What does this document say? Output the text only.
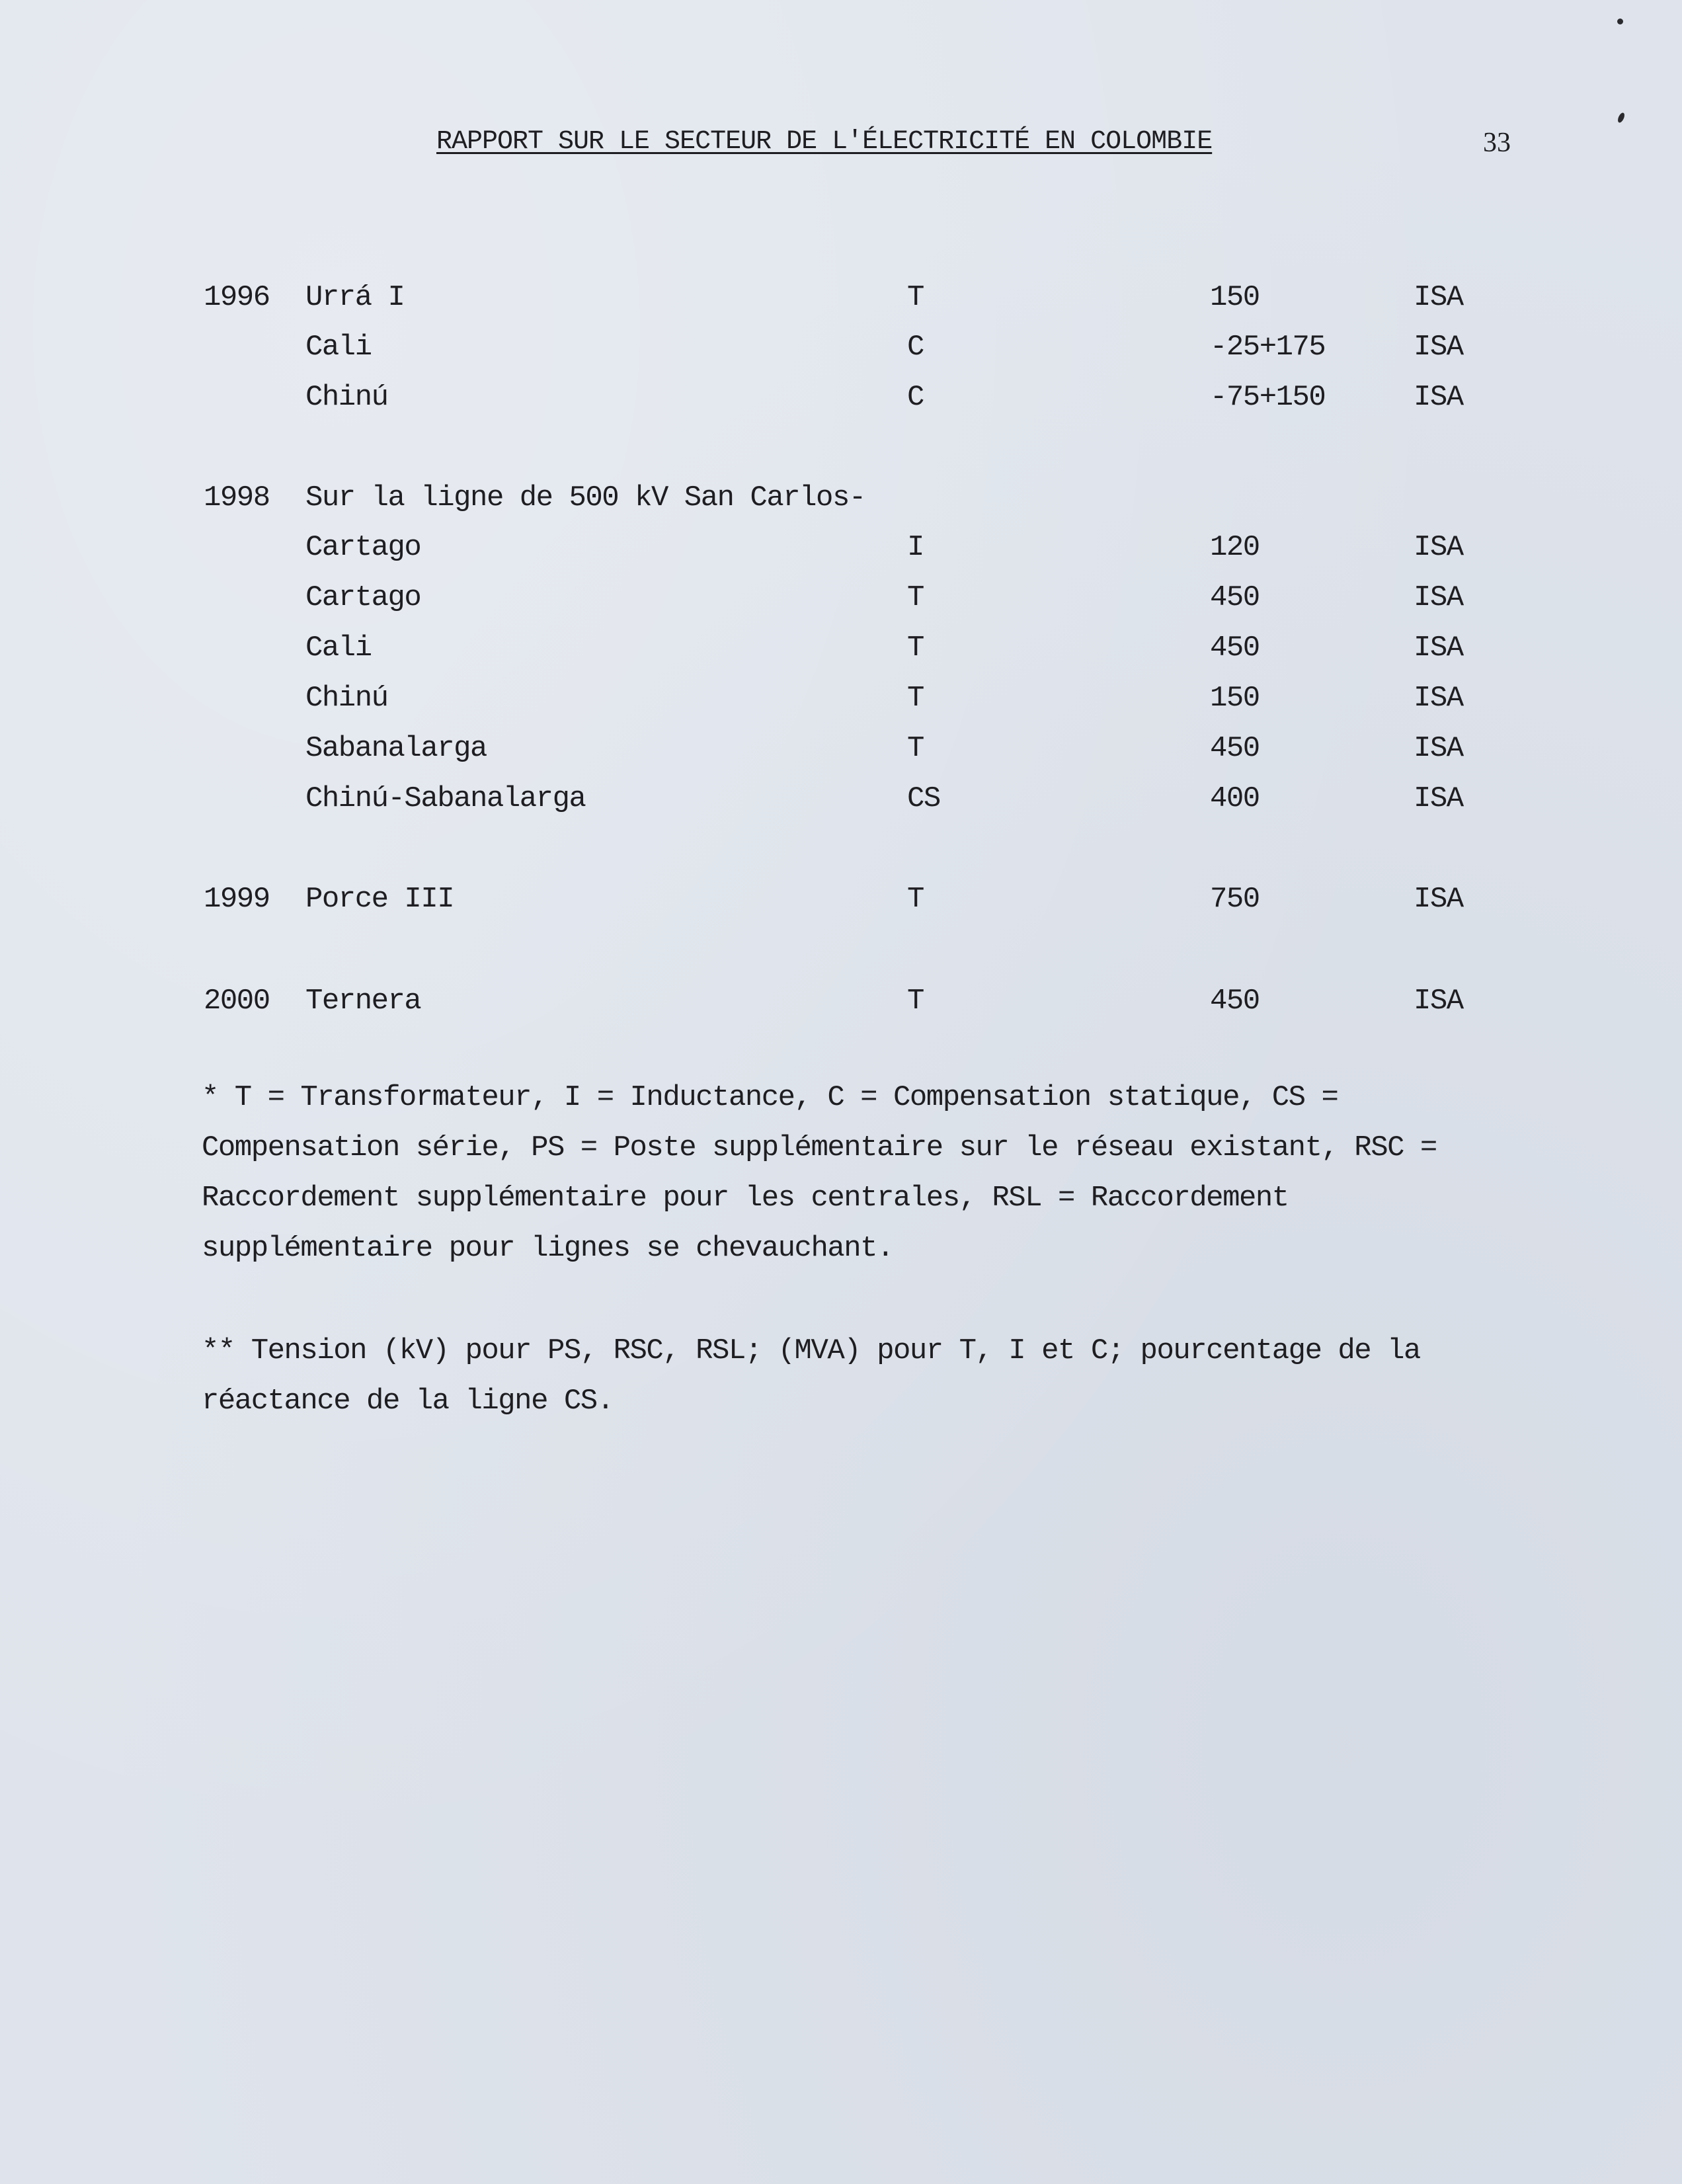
RAPPORT SUR LE SECTEUR DE L'ÉLECTRICITÉ EN COLOMBIE	33
1996 Urrá I	T	150	ISA
Cali	C	-25+175	ISA
Chinú	C	-75+150	ISA
1998 Sur la ligne de 500 kV San Carlos-
Cartago	I	120	ISA
Cartago	T	450	ISA
Cali	T	450	ISA
Chinú	T	150	ISA
Sabanalarga	T	450	ISA
Chinú-Sabanalarga	CS	400	ISA
1999 Porce III	T	750	ISA
2000 Ternera	T	450	ISA
* T = Transformateur, I = Inductance, C = Compensation statique, CS =
Compensation série, PS = Poste supplémentaire sur le réseau existant, RSC =
Raccordement supplémentaire pour les centrales, RSL = Raccordement
supplémentaire pour lignes se chevauchant.
** Tension (kV) pour PS, RSC, RSL; (MVA) pour T, I et C; pourcentage de la
réactance de la ligne CS.
